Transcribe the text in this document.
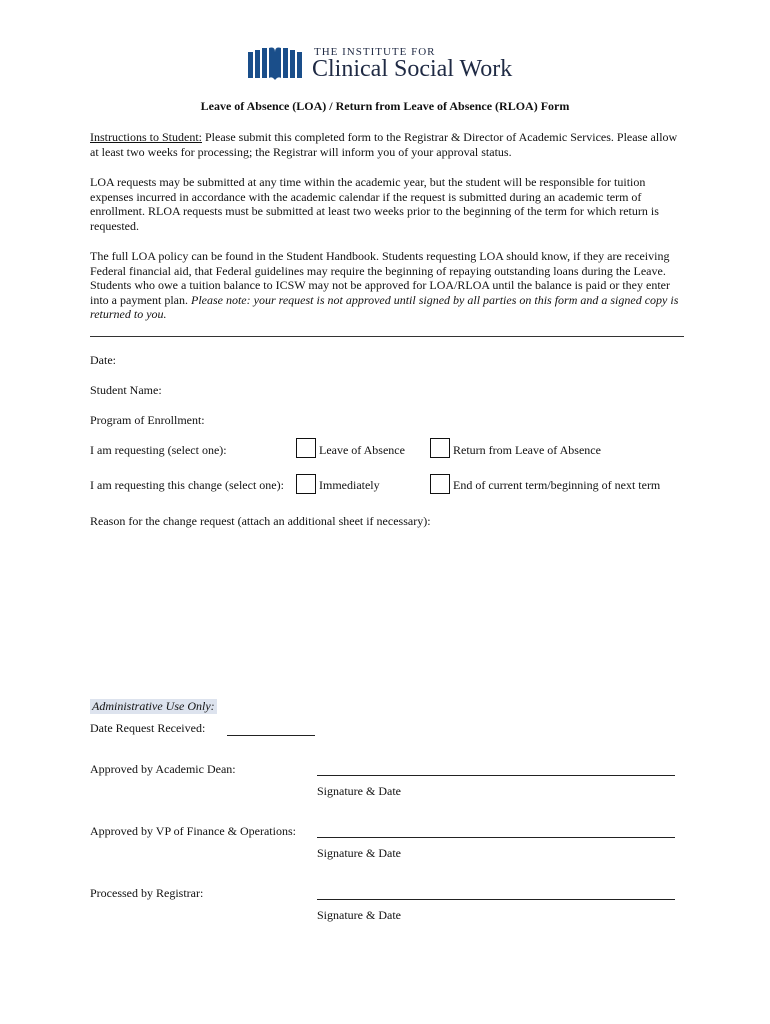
THE INSTITUTE FOR
Clinical Social Work
Leave of Absence (LOA) / Return from Leave of Absence (RLOA) Form

Instructions to Student: Please submit this completed form to the Registrar & Director of Academic Services. Please allow at least two weeks for processing; the Registrar will inform you of your approval status.

LOA requests may be submitted at any time within the academic year, but the student will be responsible for tuition expenses incurred in accordance with the academic calendar if the request is submitted during an academic term of enrollment. RLOA requests must be submitted at least two weeks prior to the beginning of the term for which return is requested.

The full LOA policy can be found in the Student Handbook. Students requesting LOA should know, if they are receiving Federal financial aid, that Federal guidelines may require the beginning of repaying outstanding loans during the Leave. Students who owe a tuition balance to ICSW may not be approved for LOA/RLOA until the balance is paid or they enter into a payment plan. Please note: your request is not approved until signed by all parties on this form and a signed copy is returned to you.

Date:
Student Name:
Program of Enrollment:
I am requesting (select one):	Leave of Absence	Return from Leave of Absence
I am requesting this change (select one):	Immediately	End of current term/beginning of next term
Reason for the change request (attach an additional sheet if necessary):
Administrative Use Only:
Date Request Received:
Approved by Academic Dean:
Signature & Date
Approved by VP of Finance & Operations:
Signature & Date
Processed by Registrar:
Signature & Date
